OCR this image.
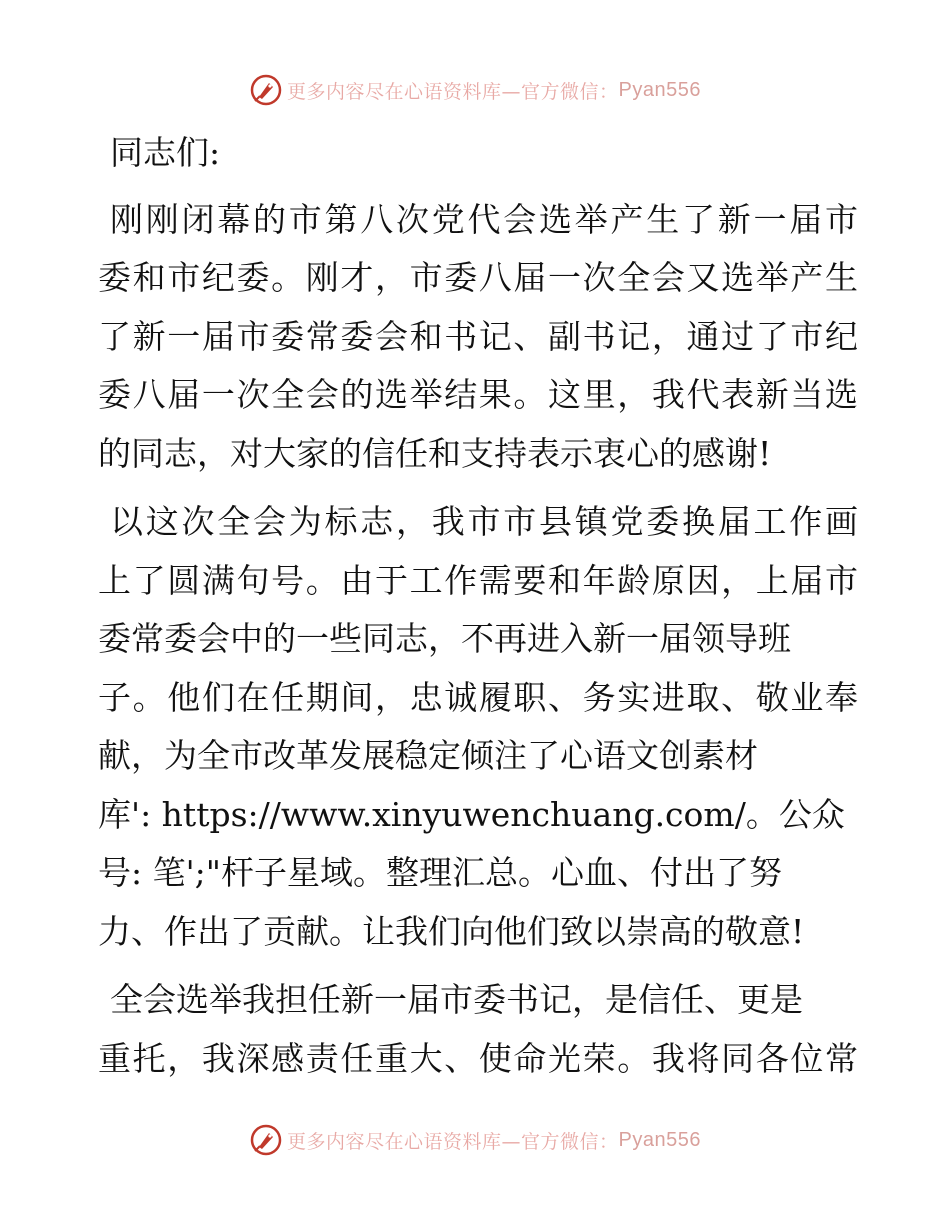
更多内容尽在心语资料库—官方微信： Pyan556
同志们:
刚刚闭幕的市第八次党代会选举产生了新一届市
委和市纪委。刚才，市委八届一次全会又选举产生
了新一届市委常委会和书记、副书记，通过了市纪
委八届一次全会的选举结果。这里，我代表新当选
的同志，对大家的信任和支持表示衷心的感谢!
以这次全会为标志，我市市县镇党委换届工作画
上了圆满句号。由于工作需要和年龄原因，上届市
委常委会中的一些同志，不再进入新一届领导班
子。他们在任期间，忠诚履职、务实进取、敬业奉
献，为全市改革发展稳定倾注了心语文创素材
库': https://www.xinyuwenchuang.com/。公众
号: 笔';"杆子星域。整理汇总。心血、付出了努
力、作出了贡献。让我们向他们致以崇高的敬意!
全会选举我担任新一届市委书记，是信任、更是
重托，我深感责任重大、使命光荣。我将同各位常
更多内容尽在心语资料库—官方微信： Pyan556
